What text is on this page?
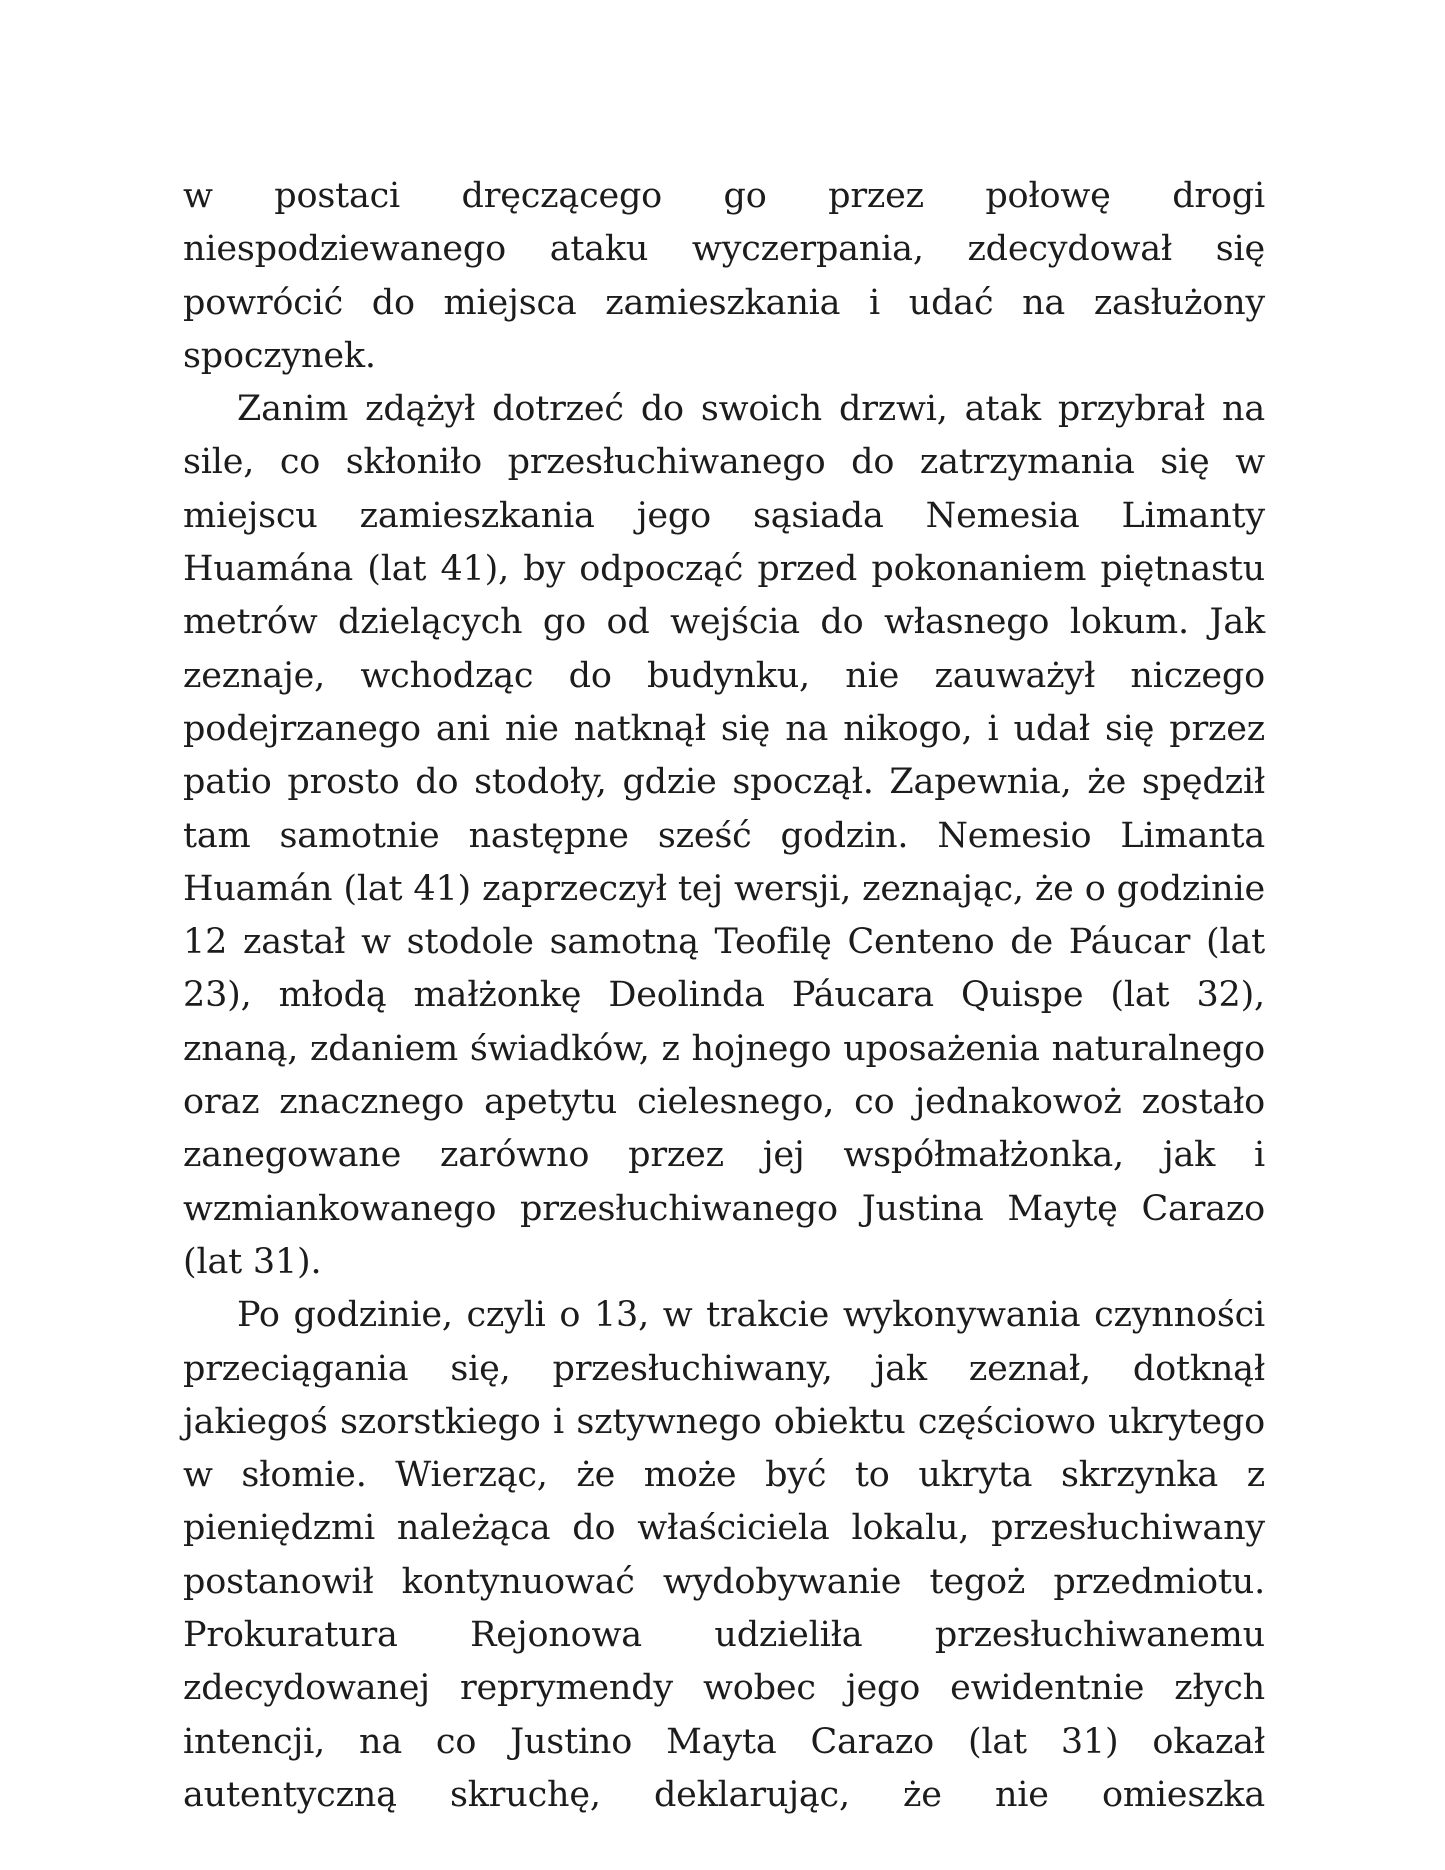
w postaci dręczącego go przez połowę drogi niespodziewanego ataku wyczerpania, zdecydował się powrócić do miejsca zamieszkania i udać na zasłużony spoczynek.

Zanim zdążył dotrzeć do swoich drzwi, atak przybrał na sile, co skłoniło przesłuchiwanego do zatrzymania się w miejscu zamieszkania jego sąsiada Nemesia Limanty Huamána (lat 41), by odpocząć przed pokonaniem piętnastu metrów dzielących go od wejścia do własnego lokum. Jak zeznaje, wchodząc do budynku, nie zauważył niczego podejrzanego ani nie natknął się na nikogo, i udał się przez patio prosto do stodoły, gdzie spoczął. Zapewnia, że spędził tam samotnie następne sześć godzin. Nemesio Limanta Huamán (lat 41) zaprzeczył tej wersji, zeznając, że o godzinie 12 zastał w stodole samotną Teofilę Centeno de Páucar (lat 23), młodą małżonkę Deolinda Páucara Quispe (lat 32), znaną, zdaniem świadków, z hojnego uposażenia naturalnego oraz znacznego apetytu cielesnego, co jednakowoż zostało zanegowane zarówno przez jej współmałżonka, jak i wzmiankowanego przesłuchiwanego Justina Maytę Carazo (lat 31).

Po godzinie, czyli o 13, w trakcie wykonywania czynności przeciągania się, przesłuchiwany, jak zeznał, dotknął jakiegoś szorstkiego i sztywnego obiektu częściowo ukrytego w słomie. Wierząc, że może być to ukryta skrzynka z pieniędzmi należąca do właściciela lokalu, przesłuchiwany postanowił kontynuować wydobywanie tegoż przedmiotu. Prokuratura Rejonowa udzieliła przesłuchiwanemu zdecydowanej reprymendy wobec jego ewidentnie złych intencji, na co Justino Mayta Carazo (lat 31) okazał autentyczną skruchę, deklarując, że nie omieszka
